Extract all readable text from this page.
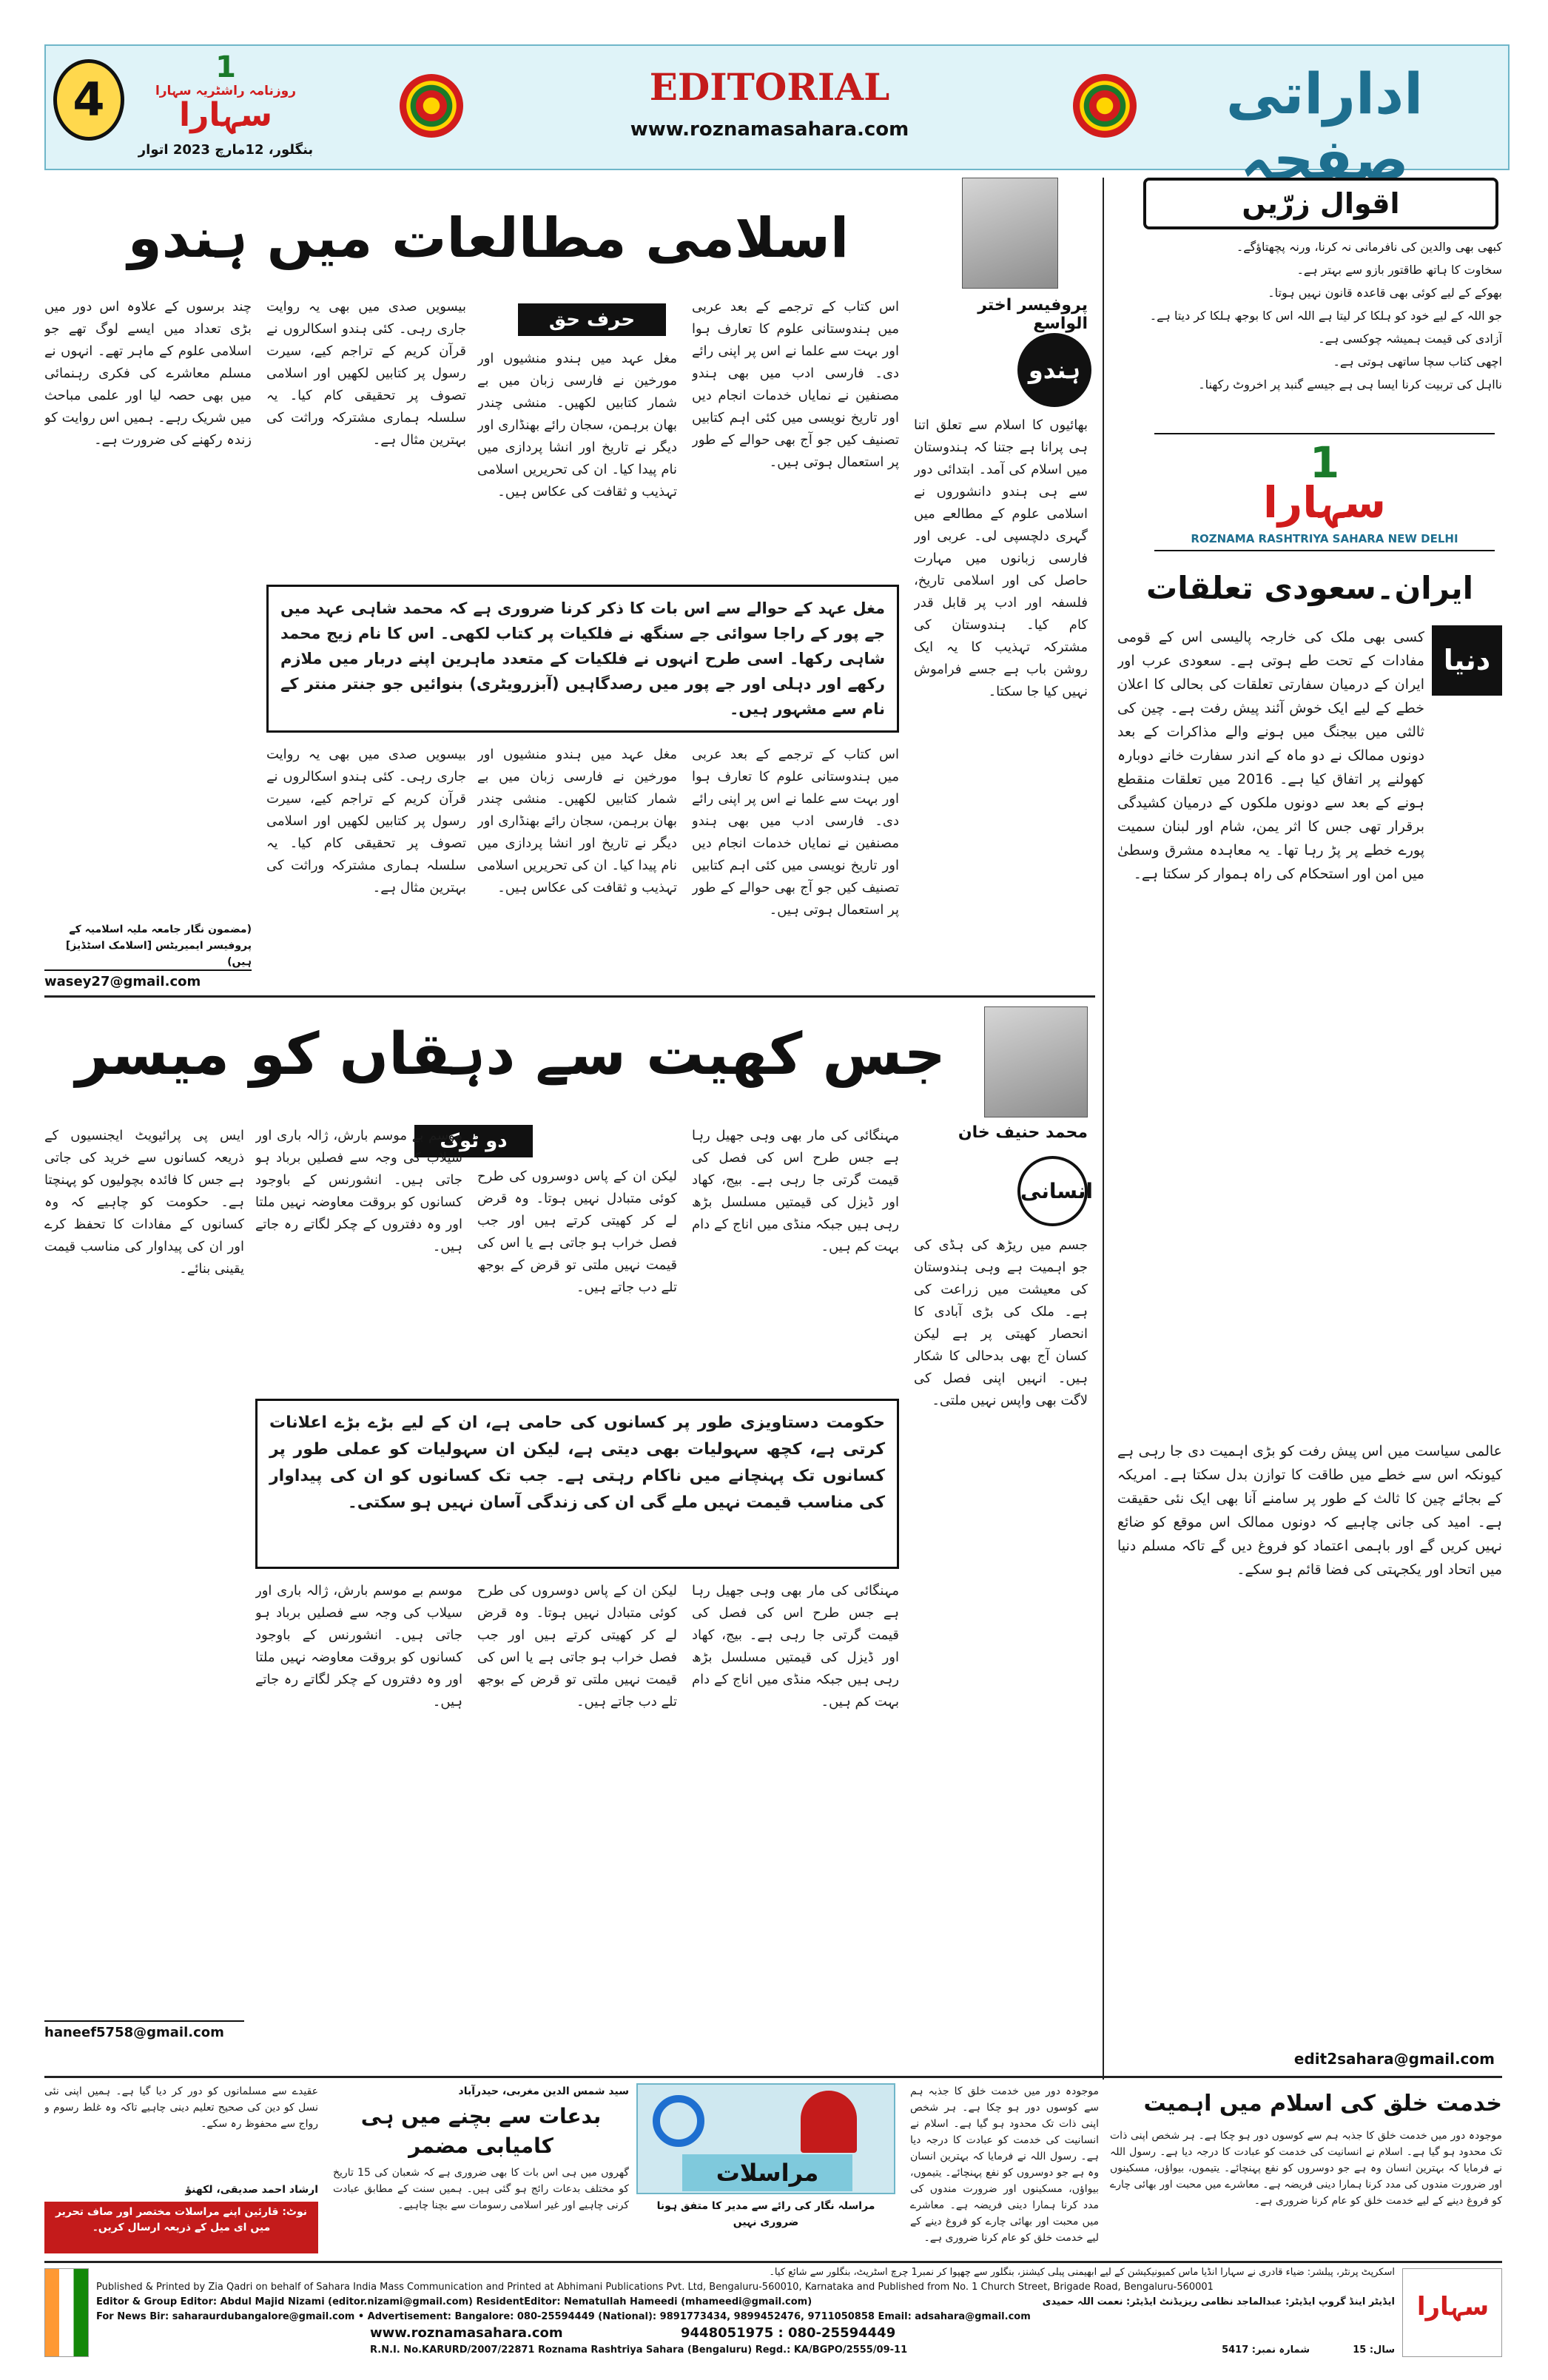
4
1
روزنامہ راشٹریہ سہارا
سہارا
بنگلور، 12مارچ 2023 اتوار
EDITORIAL
www.roznamasahara.com
اداراتی صفحہ
اسلامی مطالعات میں ہندو
پروفیسر اختر الواسع
ہندو
حرف حق
بھائیوں کا اسلام سے تعلق اتنا ہی پرانا ہے جتنا کہ ہندوستان میں اسلام کی آمد۔ ابتدائی دور سے ہی ہندو دانشوروں نے اسلامی علوم کے مطالعے میں گہری دلچسپی لی۔ عربی اور فارسی زبانوں میں مہارت حاصل کی اور اسلامی تاریخ، فلسفہ اور ادب پر قابل قدر کام کیا۔ ہندوستان کی مشترکہ تہذیب کا یہ ایک روشن باب ہے جسے فراموش نہیں کیا جا سکتا۔
اس کتاب کے ترجمے کے بعد عربی میں ہندوستانی علوم کا تعارف ہوا اور بہت سے علما نے اس پر اپنی رائے دی۔ فارسی ادب میں بھی ہندو مصنفین نے نمایاں خدمات انجام دیں اور تاریخ نویسی میں کئی اہم کتابیں تصنیف کیں جو آج بھی حوالے کے طور پر استعمال ہوتی ہیں۔
مغل عہد میں ہندو منشیوں اور مورخین نے فارسی زبان میں بے شمار کتابیں لکھیں۔ منشی چندر بھان برہمن، سجان رائے بھنڈاری اور دیگر نے تاریخ اور انشا پردازی میں نام پیدا کیا۔ ان کی تحریریں اسلامی تہذیب و ثقافت کی عکاس ہیں۔
بیسویں صدی میں بھی یہ روایت جاری رہی۔ کئی ہندو اسکالروں نے قرآن کریم کے تراجم کیے، سیرت رسول پر کتابیں لکھیں اور اسلامی تصوف پر تحقیقی کام کیا۔ یہ سلسلہ ہماری مشترکہ وراثت کی بہترین مثال ہے۔
چند برسوں کے علاوہ اس دور میں بڑی تعداد میں ایسے لوگ تھے جو اسلامی علوم کے ماہر تھے۔ انہوں نے مسلم معاشرے کی فکری رہنمائی میں بھی حصہ لیا اور علمی مباحث میں شریک رہے۔ ہمیں اس روایت کو زندہ رکھنے کی ضرورت ہے۔
مغل عہد کے حوالے سے اس بات کا ذکر کرنا ضروری ہے کہ محمد شاہی عہد میں جے پور کے راجا سوائی جے سنگھ نے فلکیات پر کتاب لکھی۔ اس کا نام زیج محمد شاہی رکھا۔ اسی طرح انہوں نے فلکیات کے متعدد ماہرین اپنے دربار میں ملازم رکھے اور دہلی اور جے پور میں رصدگاہیں (آبزرویٹری) بنوائیں جو جنتر منتر کے نام سے مشہور ہیں۔
اس کتاب کے ترجمے کے بعد عربی میں ہندوستانی علوم کا تعارف ہوا اور بہت سے علما نے اس پر اپنی رائے دی۔ فارسی ادب میں بھی ہندو مصنفین نے نمایاں خدمات انجام دیں اور تاریخ نویسی میں کئی اہم کتابیں تصنیف کیں جو آج بھی حوالے کے طور پر استعمال ہوتی ہیں۔
مغل عہد میں ہندو منشیوں اور مورخین نے فارسی زبان میں بے شمار کتابیں لکھیں۔ منشی چندر بھان برہمن، سجان رائے بھنڈاری اور دیگر نے تاریخ اور انشا پردازی میں نام پیدا کیا۔ ان کی تحریریں اسلامی تہذیب و ثقافت کی عکاس ہیں۔
بیسویں صدی میں بھی یہ روایت جاری رہی۔ کئی ہندو اسکالروں نے قرآن کریم کے تراجم کیے، سیرت رسول پر کتابیں لکھیں اور اسلامی تصوف پر تحقیقی کام کیا۔ یہ سلسلہ ہماری مشترکہ وراثت کی بہترین مثال ہے۔
(مضمون نگار جامعہ ملیہ اسلامیہ کے پروفیسر ایمیریٹس [اسلامک اسٹڈیز] ہیں)
wasey27@gmail.com
اقوال زرّیں
کبھی بھی والدین کی نافرمانی نہ کرنا، ورنہ پچھتاؤگے۔
سخاوت کا ہاتھ طاقتور بازو سے بہتر ہے۔
بھوکے کے لیے کوئی بھی قاعدہ قانون نہیں ہوتا۔
جو اللہ کے لیے خود کو ہلکا کر لیتا ہے اللہ اس کا بوجھ ہلکا کر دیتا ہے۔
آزادی کی قیمت ہمیشہ چوکسی ہے۔
اچھی کتاب سچا ساتھی ہوتی ہے۔
نااہل کی تربیت کرنا ایسا ہی ہے جیسے گنبد پر اخروٹ رکھنا۔
1
سہارا
ROZNAMA RASHTRIYA SAHARA NEW DELHI
ایران۔سعودی تعلقات
دنیا
کسی بھی ملک کی خارجہ پالیسی اس کے قومی مفادات کے تحت طے ہوتی ہے۔ سعودی عرب اور ایران کے درمیان سفارتی تعلقات کی بحالی کا اعلان خطے کے لیے ایک خوش آئند پیش رفت ہے۔ چین کی ثالثی میں بیجنگ میں ہونے والے مذاکرات کے بعد دونوں ممالک نے دو ماہ کے اندر سفارت خانے دوبارہ کھولنے پر اتفاق کیا ہے۔ 2016 میں تعلقات منقطع ہونے کے بعد سے دونوں ملکوں کے درمیان کشیدگی برقرار تھی جس کا اثر یمن، شام اور لبنان سمیت پورے خطے پر پڑ رہا تھا۔ یہ معاہدہ مشرق وسطیٰ میں امن اور استحکام کی راہ ہموار کر سکتا ہے۔
عالمی سیاست میں اس پیش رفت کو بڑی اہمیت دی جا رہی ہے کیونکہ اس سے خطے میں طاقت کا توازن بدل سکتا ہے۔ امریکہ کے بجائے چین کا ثالث کے طور پر سامنے آنا بھی ایک نئی حقیقت ہے۔ امید کی جانی چاہیے کہ دونوں ممالک اس موقع کو ضائع نہیں کریں گے اور باہمی اعتماد کو فروغ دیں گے تاکہ مسلم دنیا میں اتحاد اور یکجہتی کی فضا قائم ہو سکے۔
edit2sahara@gmail.com
جس کھیت سے دہقاں کو میسر
محمد حنیف خان
انسانی
دو ٹوک
جسم میں ریڑھ کی ہڈی کی جو اہمیت ہے وہی ہندوستان کی معیشت میں زراعت کی ہے۔ ملک کی بڑی آبادی کا انحصار کھیتی پر ہے لیکن کسان آج بھی بدحالی کا شکار ہیں۔ انہیں اپنی فصل کی لاگت بھی واپس نہیں ملتی۔
مہنگائی کی مار بھی وہی جھیل رہا ہے جس طرح اس کی فصل کی قیمت گرتی جا رہی ہے۔ بیج، کھاد اور ڈیزل کی قیمتیں مسلسل بڑھ رہی ہیں جبکہ منڈی میں اناج کے دام بہت کم ہیں۔
لیکن ان کے پاس دوسروں کی طرح کوئی متبادل نہیں ہوتا۔ وہ قرض لے کر کھیتی کرتے ہیں اور جب فصل خراب ہو جاتی ہے یا اس کی قیمت نہیں ملتی تو قرض کے بوجھ تلے دب جاتے ہیں۔
موسم بے موسم بارش، ژالہ باری اور سیلاب کی وجہ سے فصلیں برباد ہو جاتی ہیں۔ انشورنس کے باوجود کسانوں کو بروقت معاوضہ نہیں ملتا اور وہ دفتروں کے چکر لگاتے رہ جاتے ہیں۔
ایس پی پرائیویٹ ایجنسیوں کے ذریعہ کسانوں سے خرید کی جاتی ہے جس کا فائدہ بچولیوں کو پہنچتا ہے۔ حکومت کو چاہیے کہ وہ کسانوں کے مفادات کا تحفظ کرے اور ان کی پیداوار کی مناسب قیمت یقینی بنائے۔
حکومت دستاویزی طور پر کسانوں کی حامی ہے، ان کے لیے بڑے بڑے اعلانات کرتی ہے، کچھ سہولیات بھی دیتی ہے، لیکن ان سہولیات کو عملی طور پر کسانوں تک پہنچانے میں ناکام رہتی ہے۔ جب تک کسانوں کو ان کی پیداوار کی مناسب قیمت نہیں ملے گی ان کی زندگی آسان نہیں ہو سکتی۔
مہنگائی کی مار بھی وہی جھیل رہا ہے جس طرح اس کی فصل کی قیمت گرتی جا رہی ہے۔ بیج، کھاد اور ڈیزل کی قیمتیں مسلسل بڑھ رہی ہیں جبکہ منڈی میں اناج کے دام بہت کم ہیں۔
لیکن ان کے پاس دوسروں کی طرح کوئی متبادل نہیں ہوتا۔ وہ قرض لے کر کھیتی کرتے ہیں اور جب فصل خراب ہو جاتی ہے یا اس کی قیمت نہیں ملتی تو قرض کے بوجھ تلے دب جاتے ہیں۔
موسم بے موسم بارش، ژالہ باری اور سیلاب کی وجہ سے فصلیں برباد ہو جاتی ہیں۔ انشورنس کے باوجود کسانوں کو بروقت معاوضہ نہیں ملتا اور وہ دفتروں کے چکر لگاتے رہ جاتے ہیں۔
haneef5758@gmail.com
خدمت خلق کی اسلام میں اہمیت
موجودہ دور میں خدمت خلق کا جذبہ ہم سے کوسوں دور ہو چکا ہے۔ ہر شخص اپنی ذات تک محدود ہو گیا ہے۔ اسلام نے انسانیت کی خدمت کو عبادت کا درجہ دیا ہے۔ رسول اللہ نے فرمایا کہ بہترین انسان وہ ہے جو دوسروں کو نفع پہنچائے۔ یتیموں، بیواؤں، مسکینوں اور ضرورت مندوں کی مدد کرنا ہمارا دینی فریضہ ہے۔ معاشرے میں محبت اور بھائی چارے کو فروغ دینے کے لیے خدمت خلق کو عام کرنا ضروری ہے۔
موجودہ دور میں خدمت خلق کا جذبہ ہم سے کوسوں دور ہو چکا ہے۔ ہر شخص اپنی ذات تک محدود ہو گیا ہے۔ اسلام نے انسانیت کی خدمت کو عبادت کا درجہ دیا ہے۔ رسول اللہ نے فرمایا کہ بہترین انسان وہ ہے جو دوسروں کو نفع پہنچائے۔ یتیموں، بیواؤں، مسکینوں اور ضرورت مندوں کی مدد کرنا ہمارا دینی فریضہ ہے۔ معاشرے میں محبت اور بھائی چارے کو فروغ دینے کے لیے خدمت خلق کو عام کرنا ضروری ہے۔
مراسلات
مراسلہ نگار کی رائے سے مدیر کا متفق ہونا ضروری نہیں
سید شمس الدین مغربی، حیدرآباد
بدعات سے بچنے میں ہی کامیابی مضمر
گھروں میں ہی اس بات کا بھی ضروری ہے کہ شعبان کی 15 تاریخ کو مختلف بدعات رائج ہو گئی ہیں۔ ہمیں سنت کے مطابق عبادت کرنی چاہیے اور غیر اسلامی رسومات سے بچنا چاہیے۔
عقیدے سے مسلمانوں کو دور کر دیا گیا ہے۔ ہمیں اپنی نئی نسل کو دین کی صحیح تعلیم دینی چاہیے تاکہ وہ غلط رسوم و رواج سے محفوظ رہ سکے۔
ارشاد احمد صدیقی، لکھنؤ
نوٹ: قارئین اپنے مراسلات مختصر اور صاف تحریر میں ای میل کے ذریعہ ارسال کریں۔
سہارا
اسکرپٹ پرنٹر، پبلشر: ضیاء قادری نے سہارا انڈیا ماس کمیونیکیشن کے لیے ابھیمنی پبلی کیشنز، بنگلور سے چھپوا کر نمبر1 چرچ اسٹریٹ، بنگلور سے شائع کیا۔
Published & Printed by Zia Qadri on behalf of Sahara India Mass Communication and Printed at Abhimani Publications Pvt. Ltd, Bengaluru-560010, Karnataka and Published from No. 1 Church Street, Brigade Road, Bengaluru-560001
Editor & Group Editor: Abdul Majid Nizami (editor.nizami@gmail.com) ResidentEditor: Nematullah Hameedi (mhameedi@gmail.com)	ایڈیٹر اینڈ گروپ ایڈیٹر: عبدالماجد نظامی ریزیڈنٹ ایڈیٹر: نعمت اللہ حمیدی
For News Bir: saharaurdubangalore@gmail.com • Advertisement: Bangalore: 080-25594449 (National): 9891773434, 9899452476, 9711050858 Email: adsahara@gmail.com
www.roznamasahara.com	9448051975 : 080-25594449
R.N.I. No.KARURD/2007/22871 Roznama Rashtriya Sahara (Bengaluru) Regd.: KA/BGPO/2555/09-11	شمارہ نمبر: 5417	سال: 15
